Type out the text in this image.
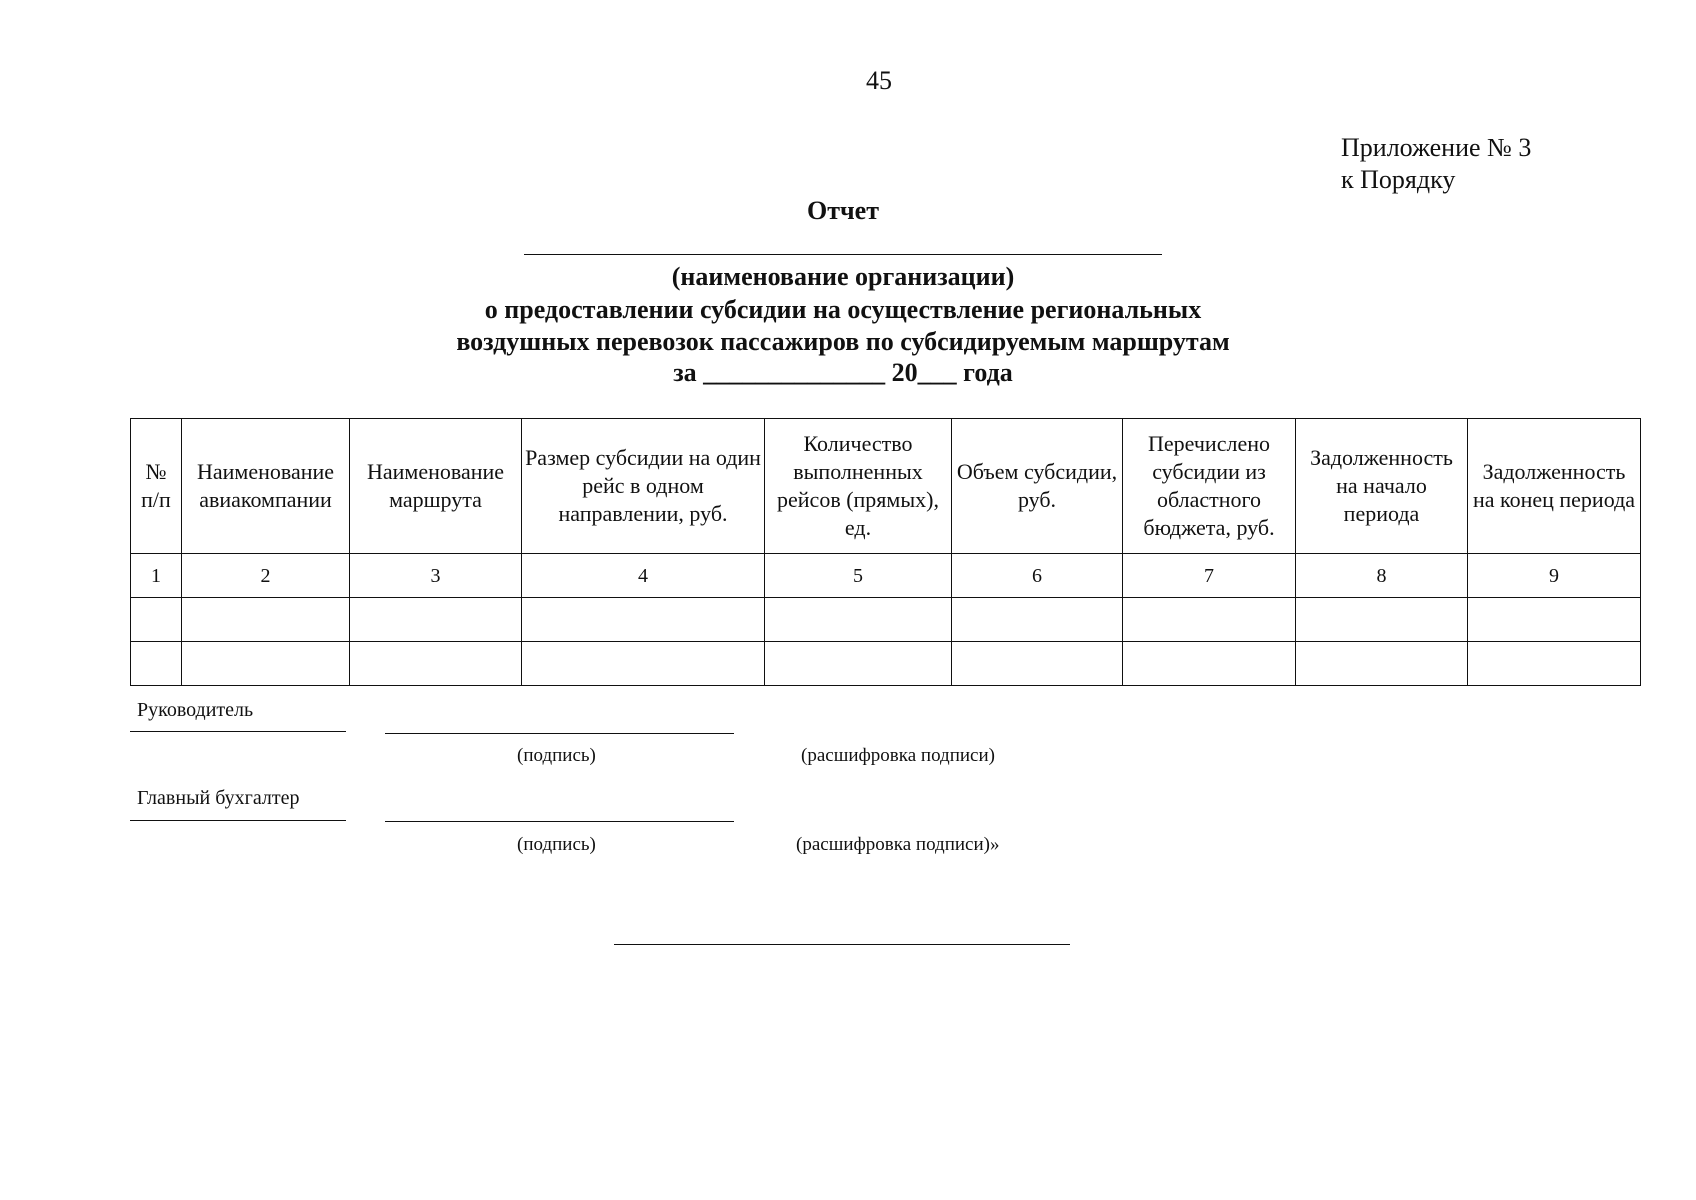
45
Приложение № 3
к Порядку
Отчет
(наименование организации)
о предоставлении субсидии на осуществление региональных
воздушных перевозок пассажиров по субсидируемым маршрутам
за ______________ 20___ года
№ п/п	Наименование авиакомпании	Наименование маршрута	Размер субсидии на один рейс в одном направлении, руб.	Количество выполненных рейсов (прямых), ед.	Объем субсидии, руб.	Перечислено субсидии из областного бюджета, руб.	Задолженность на начало периода	Задолженность на конец периода
1	2	3	4	5	6	7	8	9

Руководитель
(подпись)	(расшифровка подписи)
Главный бухгалтер
(подпись)	(расшифровка подписи)»
